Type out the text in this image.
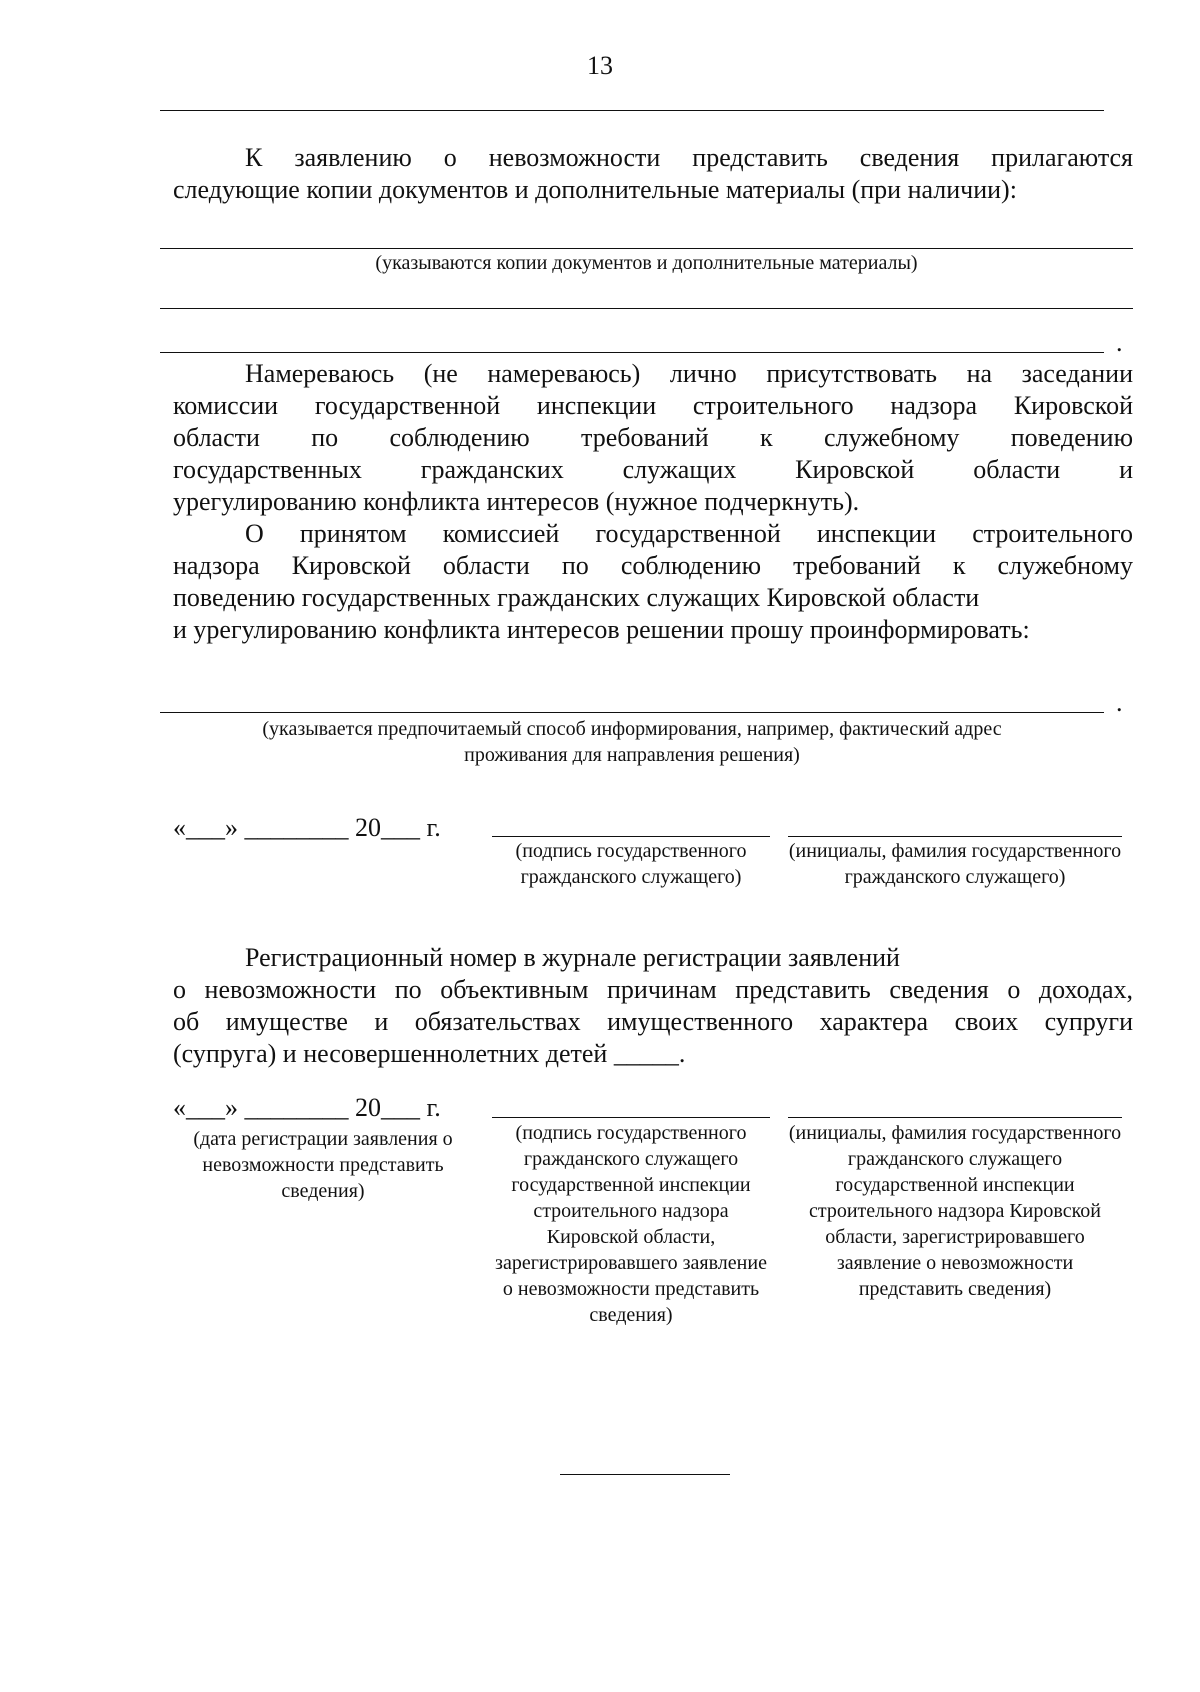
13
К заявлению о невозможности представить сведения прилагаются
следующие копии документов и дополнительные материалы (при наличии):
(указываются копии документов и дополнительные материалы)
.
Намереваюсь (не намереваюсь) лично присутствовать на заседании
комиссии государственной инспекции строительного надзора Кировской
области по соблюдению требований к служебному поведению
государственных гражданских служащих Кировской области и
урегулированию конфликта интересов (нужное подчеркнуть).
О принятом комиссией государственной инспекции строительного
надзора Кировской области по соблюдению требований к служебному
поведению государственных гражданских служащих Кировской области
и урегулированию конфликта интересов решении прошу проинформировать:
.
(указывается предпочитаемый способ информирования, например, фактический адрес
проживания для направления решения)
«___» ________ 20___ г.
(подпись государственного гражданского служащего)
(инициалы, фамилия государственного гражданского служащего)
Регистрационный номер в журнале регистрации заявлений
о невозможности по объективным причинам представить сведения о доходах,
об имуществе и обязательствах имущественного характера своих супруги
(супруга) и несовершеннолетних детей _____.
«___» ________ 20___ г.
(дата регистрации заявления о невозможности представить сведения)
(подпись государственного гражданского служащего государственной инспекции строительного надзора Кировской области, зарегистрировавшего заявление о невозможности представить сведения)
(инициалы, фамилия государственного гражданского служащего государственной инспекции строительного надзора Кировской области, зарегистрировавшего заявление о невозможности представить сведения)
